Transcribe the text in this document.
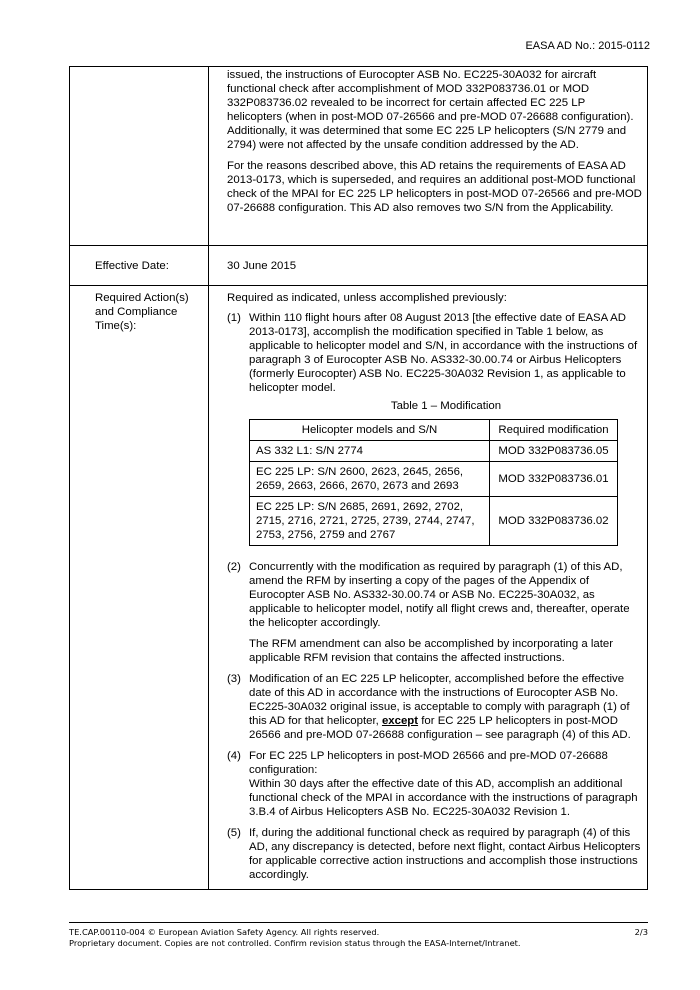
EASA AD No.: 2015-0112

issued, the instructions of Eurocopter ASB No. EC225-30A032 for aircraft functional check after accomplishment of MOD 332P083736.01 or MOD 332P083736.02 revealed to be incorrect for certain affected EC 225 LP helicopters (when in post-MOD 07-26566 and pre-MOD 07-26688 configuration). Additionally, it was determined that some EC 225 LP helicopters (S/N 2779 and 2794) were not affected by the unsafe condition addressed by the AD.

For the reasons described above, this AD retains the requirements of EASA AD 2013-0173, which is superseded, and requires an additional post-MOD functional check of the MPAI for EC 225 LP helicopters in post-MOD 07-26566 and pre-MOD 07-26688 configuration. This AD also removes two S/N from the Applicability.

Effective Date:	30 June 2015
Required Action(s) and Compliance Time(s):

Required as indicated, unless accomplished previously:

(1) Within 110 flight hours after 08 August 2013 [the effective date of EASA AD 2013-0173], accomplish the modification specified in Table 1 below, as applicable to helicopter model and S/N, in accordance with the instructions of paragraph 3 of Eurocopter ASB No. AS332-30.00.74 or Airbus Helicopters (formerly Eurocopter) ASB No. EC225-30A032 Revision 1, as applicable to helicopter model.

Table 1 – Modification
Helicopter models and S/N	Required modification
AS 332 L1: S/N 2774	MOD 332P083736.05
EC 225 LP: S/N 2600, 2623, 2645, 2656, 2659, 2663, 2666, 2670, 2673 and 2693	MOD 332P083736.01
EC 225 LP: S/N 2685, 2691, 2692, 2702, 2715, 2716, 2721, 2725, 2739, 2744, 2747, 2753, 2756, 2759 and 2767	MOD 332P083736.02
(2) Concurrently with the modification as required by paragraph (1) of this AD, amend the RFM by inserting a copy of the pages of the Appendix of Eurocopter ASB No. AS332-30.00.74 or ASB No. EC225-30A032, as applicable to helicopter model, notify all flight crews and, thereafter, operate the helicopter accordingly.

The RFM amendment can also be accomplished by incorporating a later applicable RFM revision that contains the affected instructions.

(3) Modification of an EC 225 LP helicopter, accomplished before the effective date of this AD in accordance with the instructions of Eurocopter ASB No. EC225-30A032 original issue, is acceptable to comply with paragraph (1) of this AD for that helicopter, except for EC 225 LP helicopters in post-MOD 26566 and pre-MOD 07-26688 configuration – see paragraph (4) of this AD.

(4) For EC 225 LP helicopters in post-MOD 26566 and pre-MOD 07-26688 configuration:

Within 30 days after the effective date of this AD, accomplish an additional functional check of the MPAI in accordance with the instructions of paragraph 3.B.4 of Airbus Helicopters ASB No. EC225-30A032 Revision 1.

(5) If, during the additional functional check as required by paragraph (4) of this AD, any discrepancy is detected, before next flight, contact Airbus Helicopters for applicable corrective action instructions and accomplish those instructions accordingly.

TE.CAP.00110-004 © European Aviation Safety Agency. All rights reserved.
Proprietary document. Copies are not controlled. Confirm revision status through the EASA-Internet/Intranet.
2/3
